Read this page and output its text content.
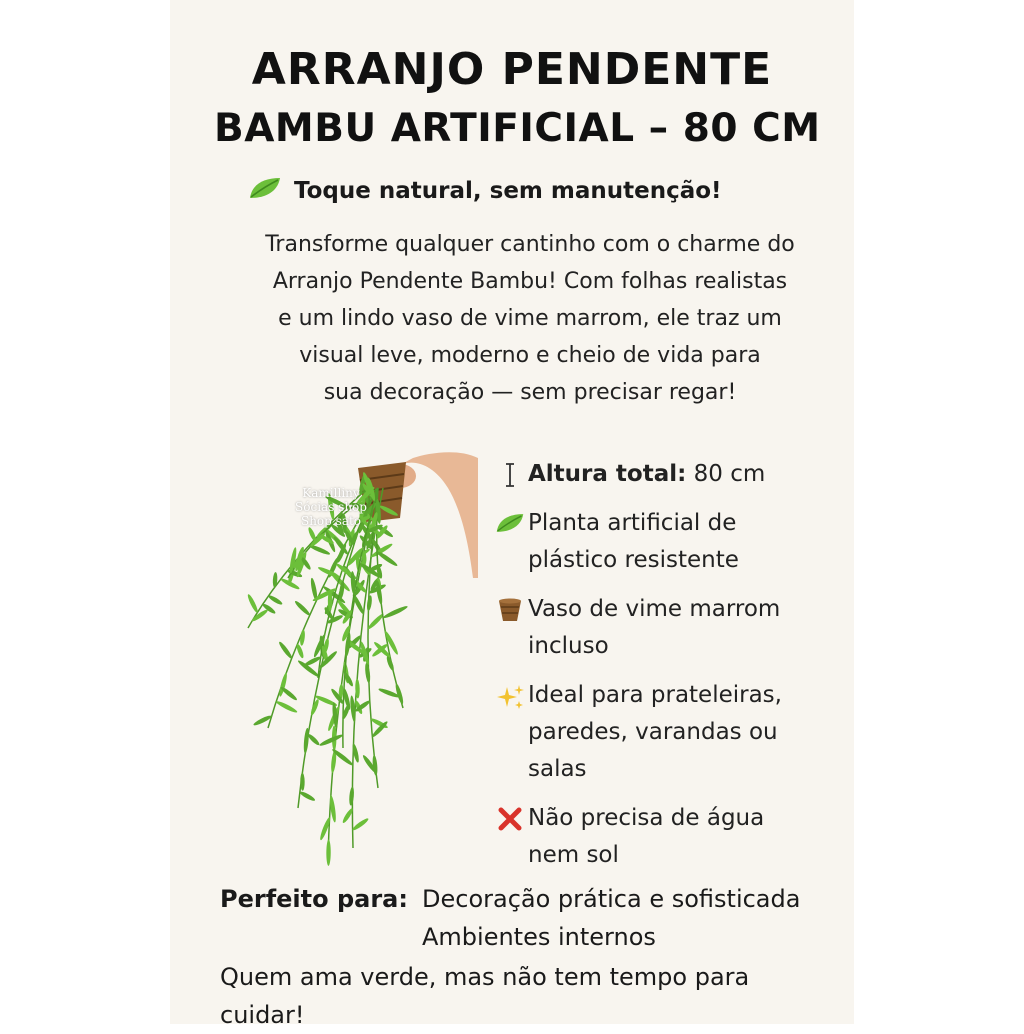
ARRANJO PENDENTE
BAMBU ARTIFICIAL – 80 CM
Toque natural, sem manutenção!
Transforme qualquer cantinho com o charme do
Arranjo Pendente Bambu! Com folhas realistas
e um lindo vaso de vime marrom, ele traz um
visual leve, moderno e cheio de vida para
sua decoração — sem precisar regar!
Kamilliny
Sócias shop
Shop sato
Altura total: 80 cm
Planta artificial de
plástico resistente
Vaso de vime marrom
incluso
Ideal para prateleiras,
paredes, varandas ou
salas
Não precisa de água
nem sol
Perfeito para: Decoração prática e sofisticada
Ambientes internos
Quem ama verde, mas não tem tempo para cuidar!
